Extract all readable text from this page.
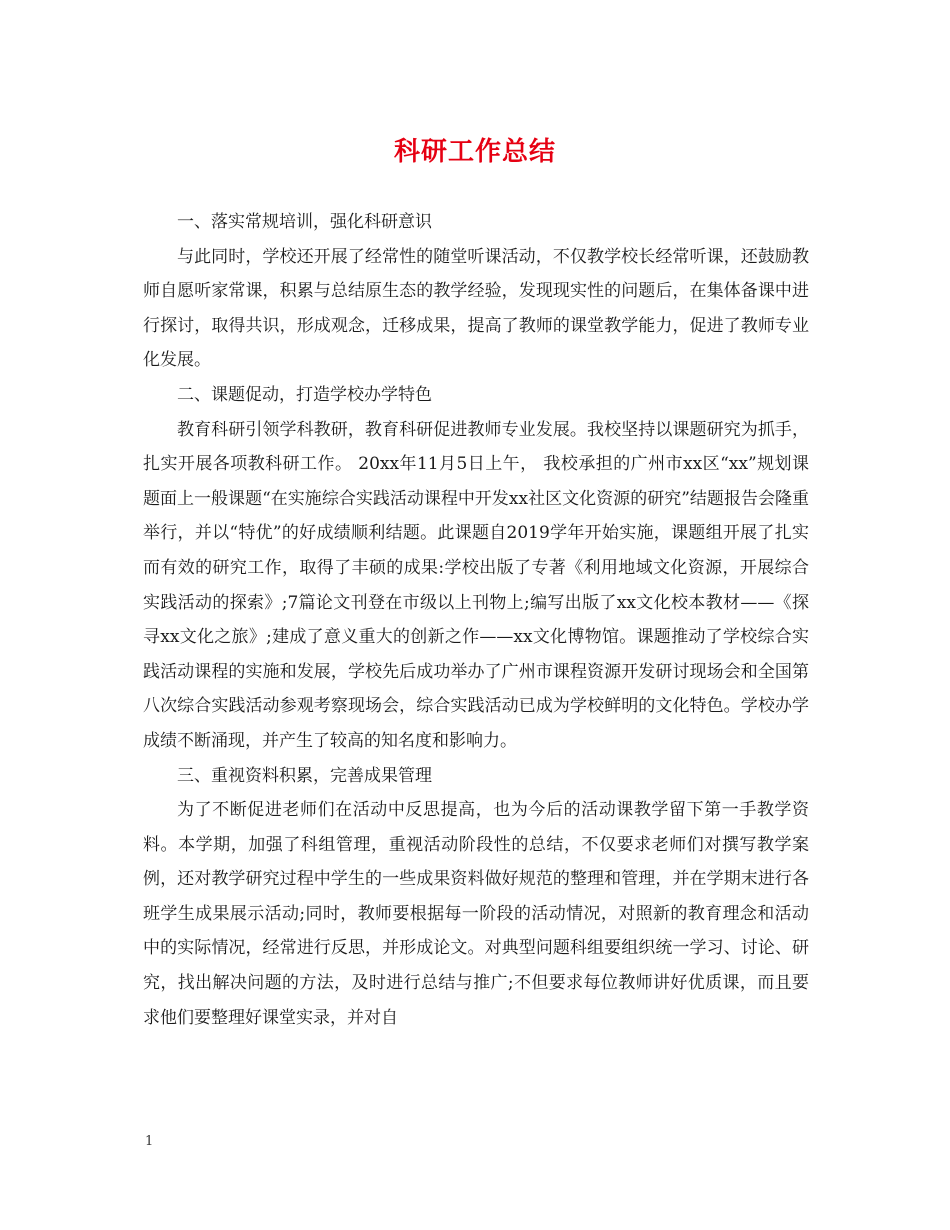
科研工作总结

一、落实常规培训，强化科研意识

与此同时，学校还开展了经常性的随堂听课活动，不仅教学校长经常听课，还鼓励教师自愿听家常课，积累与总结原生态的教学经验，发现现实性的问题后，在集体备课中进行探讨，取得共识，形成观念，迁移成果，提高了教师的课堂教学能力，促进了教师专业化发展。

二、课题促动，打造学校办学特色

教育科研引领学科教研，教育科研促进教师专业发展。我校坚持以课题研究为抓手，扎实开展各项教科研工作。 20xx年11月5日上午， 我校承担的广州市xx区“xx”规划课题面上一般课题“在实施综合实践活动课程中开发xx社区文化资源的研究”结题报告会隆重举行，并以“特优”的好成绩顺利结题。此课题自2019学年开始实施，课题组开展了扎实而有效的研究工作，取得了丰硕的成果:学校出版了专著《利用地域文化资源，开展综合实践活动的探索》;7篇论文刊登在市级以上刊物上;编写出版了xx文化校本教材——《探寻xx文化之旅》;建成了意义重大的创新之作——xx文化博物馆。课题推动了学校综合实践活动课程的实施和发展，学校先后成功举办了广州市课程资源开发研讨现场会和全国第八次综合实践活动参观考察现场会，综合实践活动已成为学校鲜明的文化特色。学校办学成绩不断涌现，并产生了较高的知名度和影响力。

三、重视资料积累，完善成果管理

为了不断促进老师们在活动中反思提高，也为今后的活动课教学留下第一手教学资料。本学期，加强了科组管理，重视活动阶段性的总结，不仅要求老师们对撰写教学案例，还对教学研究过程中学生的一些成果资料做好规范的整理和管理，并在学期末进行各班学生成果展示活动;同时，教师要根据每一阶段的活动情况，对照新的教育理念和活动中的实际情况，经常进行反思，并形成论文。对典型问题科组要组织统一学习、讨论、研究，找出解决问题的方法，及时进行总结与推广;不但要求每位教师讲好优质课，而且要求他们要整理好课堂实录，并对自

1
